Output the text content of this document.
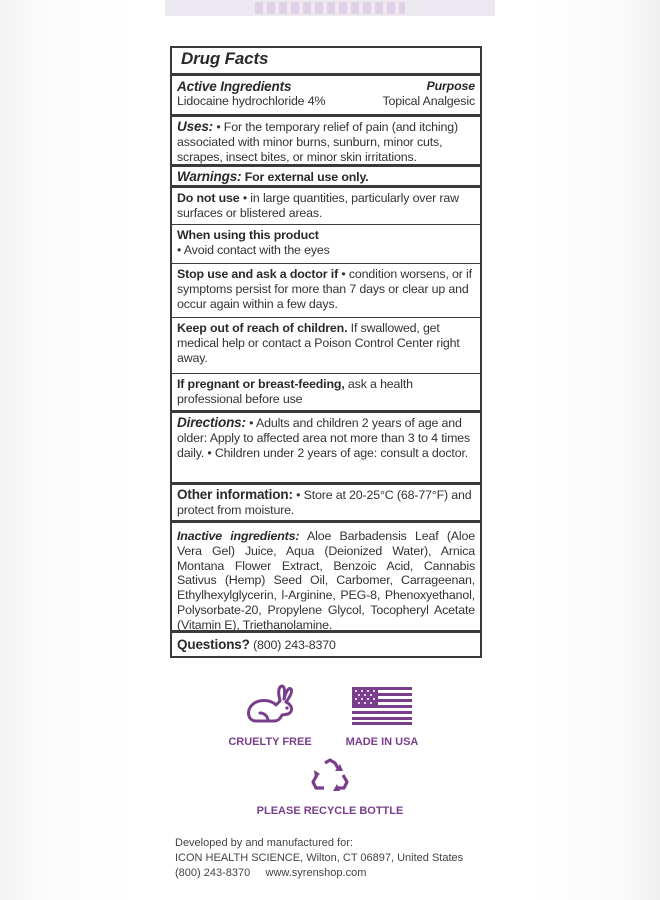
Drug Facts
Active Ingredients	Purpose
Lidocaine hydrochloride 4%	Topical Analgesic

Uses: • For the temporary relief of pain (and itching) associated with minor burns, sunburn, minor cuts, scrapes, insect bites, or minor skin irritations.

Warnings: For external use only.

Do not use • in large quantities, particularly over raw surfaces or blistered areas.

When using this product

• Avoid contact with the eyes

Stop use and ask a doctor if • condition worsens, or if symptoms persist for more than 7 days or clear up and occur again within a few days.

Keep out of reach of children. If swallowed, get medical help or contact a Poison Control Center right away.

If pregnant or breast-feeding, ask a health professional before use

Directions: • Adults and children 2 years of age and older: Apply to affected area not more than 3 to 4 times daily. • Children under 2 years of age: consult a doctor.

Other information: • Store at 20-25°C (68-77°F) and protect from moisture.

Inactive ingredients: Aloe Barbadensis Leaf (Aloe Vera Gel) Juice, Aqua (Deionized Water), Arnica Montana Flower Extract, Benzoic Acid, Cannabis Sativus (Hemp) Seed Oil, Carbomer, Carrageenan, Ethylhexylglycerin, l-Arginine, PEG-8, Phenoxyethanol, Polysorbate-20, Propylene Glycol, Tocopheryl Acetate (Vitamin E), Triethanolamine.

Questions? (800) 243-8370

CRUELTY FREE	MADE IN USA
PLEASE RECYCLE BOTTLE
Developed by and manufactured for:
ICON HEALTH SCIENCE, Wilton, CT 06897, United States
(800) 243-8370     www.syrenshop.com
